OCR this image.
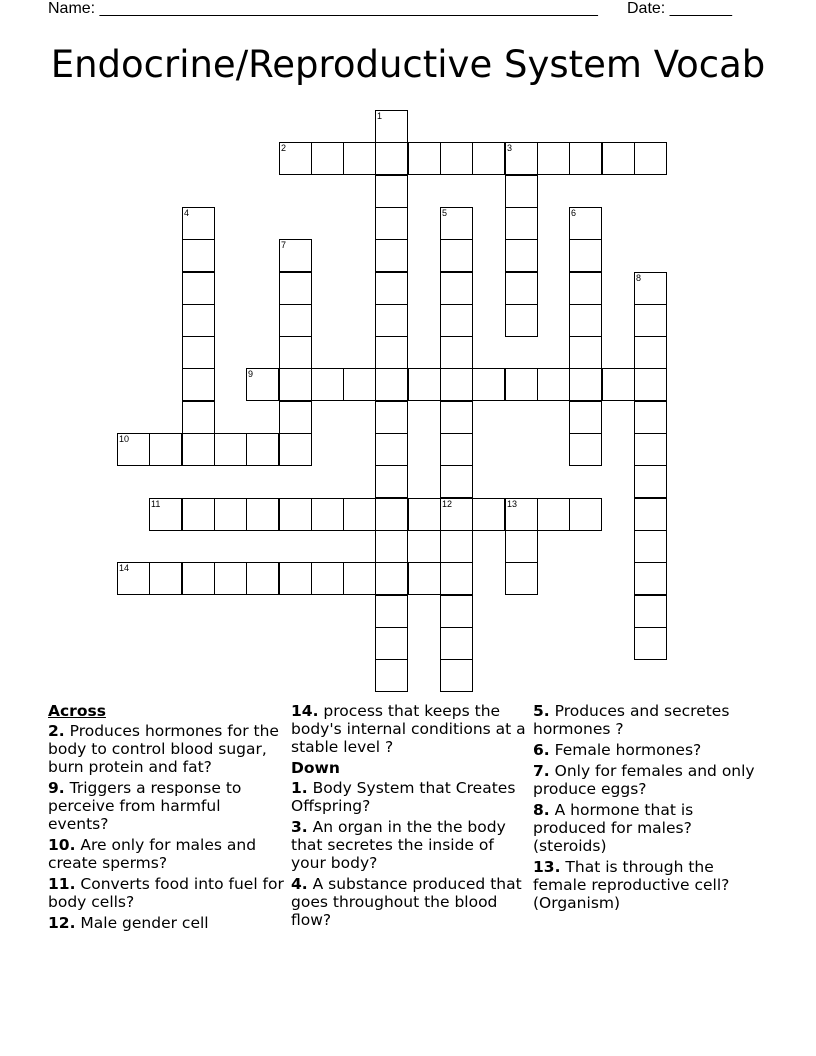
Name: ________________________________________________________ Date: _______
Endocrine/Reproductive System Vocab
1
2	3
4	5
12
6
7
8
9
10
11	13
14
Across
2. Produces hormones for the body to control blood sugar, burn protein and fat?
9. Triggers a response to perceive from harmful events?
10. Are only for males and create sperms?
11. Converts food into fuel for body cells?
12. Male gender cell
14. process that keeps the body's internal conditions at a stable level ?
Down
1. Body System that Creates Offspring?
3. An organ in the the body that secretes the inside of your body?
4. A substance produced that goes throughout the blood flow?
5. Produces and secretes hormones ?
6. Female hormones?
7. Only for females and only produce eggs?
8. A hormone that is produced for males? (steroids)
13. That is through the female reproductive cell? (Organism)
